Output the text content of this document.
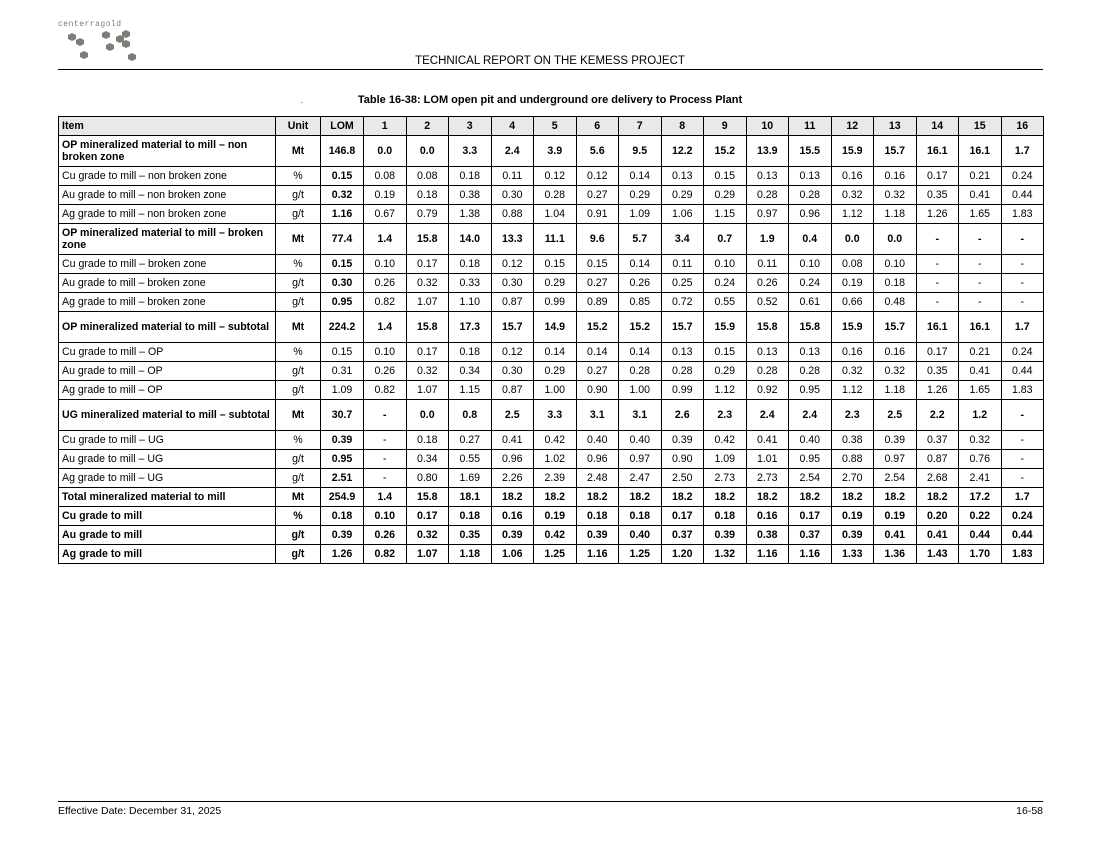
centerragold
TECHNICAL REPORT ON THE KEMESS PROJECT
·	Table 16-38: LOM open pit and underground ore delivery to Process Plant
Item	Unit	LOM	1	2	3	4	5	6	7	8	9	10	11	12	13	14	15	16
OP mineralized material to mill – non broken zone	Mt	146.8	0.0	0.0	3.3	2.4	3.9	5.6	9.5	12.2	15.2	13.9	15.5	15.9	15.7	16.1	16.1	1.7
Cu grade to mill – non broken zone	%	0.15	0.08	0.08	0.18	0.11	0.12	0.12	0.14	0.13	0.15	0.13	0.13	0.16	0.16	0.17	0.21	0.24
Au grade to mill – non broken zone	g/t	0.32	0.19	0.18	0.38	0.30	0.28	0.27	0.29	0.29	0.29	0.28	0.28	0.32	0.32	0.35	0.41	0.44
Ag grade to mill – non broken zone	g/t	1.16	0.67	0.79	1.38	0.88	1.04	0.91	1.09	1.06	1.15	0.97	0.96	1.12	1.18	1.26	1.65	1.83
OP mineralized material to mill – broken zone	Mt	77.4	1.4	15.8	14.0	13.3	11.1	9.6	5.7	3.4	0.7	1.9	0.4	0.0	0.0	-	-	-
Cu grade to mill – broken zone	%	0.15	0.10	0.17	0.18	0.12	0.15	0.15	0.14	0.11	0.10	0.11	0.10	0.08	0.10	-	-	-
Au grade to mill – broken zone	g/t	0.30	0.26	0.32	0.33	0.30	0.29	0.27	0.26	0.25	0.24	0.26	0.24	0.19	0.18	-	-	-
Ag grade to mill – broken zone	g/t	0.95	0.82	1.07	1.10	0.87	0.99	0.89	0.85	0.72	0.55	0.52	0.61	0.66	0.48	-	-	-
OP mineralized material to mill – subtotal	Mt	224.2	1.4	15.8	17.3	15.7	14.9	15.2	15.2	15.7	15.9	15.8	15.8	15.9	15.7	16.1	16.1	1.7
Cu grade to mill – OP	%	0.15	0.10	0.17	0.18	0.12	0.14	0.14	0.14	0.13	0.15	0.13	0.13	0.16	0.16	0.17	0.21	0.24
Au grade to mill – OP	g/t	0.31	0.26	0.32	0.34	0.30	0.29	0.27	0.28	0.28	0.29	0.28	0.28	0.32	0.32	0.35	0.41	0.44
Ag grade to mill – OP	g/t	1.09	0.82	1.07	1.15	0.87	1.00	0.90	1.00	0.99	1.12	0.92	0.95	1.12	1.18	1.26	1.65	1.83
UG mineralized material to mill – subtotal	Mt	30.7	-	0.0	0.8	2.5	3.3	3.1	3.1	2.6	2.3	2.4	2.4	2.3	2.5	2.2	1.2	-
Cu grade to mill – UG	%	0.39	-	0.18	0.27	0.41	0.42	0.40	0.40	0.39	0.42	0.41	0.40	0.38	0.39	0.37	0.32	-
Au grade to mill – UG	g/t	0.95	-	0.34	0.55	0.96	1.02	0.96	0.97	0.90	1.09	1.01	0.95	0.88	0.97	0.87	0.76	-
Ag grade to mill – UG	g/t	2.51	-	0.80	1.69	2.26	2.39	2.48	2.47	2.50	2.73	2.73	2.54	2.70	2.54	2.68	2.41	-
Total mineralized material to mill	Mt	254.9	1.4	15.8	18.1	18.2	18.2	18.2	18.2	18.2	18.2	18.2	18.2	18.2	18.2	18.2	17.2	1.7
Cu grade to mill	%	0.18	0.10	0.17	0.18	0.16	0.19	0.18	0.18	0.17	0.18	0.16	0.17	0.19	0.19	0.20	0.22	0.24
Au grade to mill	g/t	0.39	0.26	0.32	0.35	0.39	0.42	0.39	0.40	0.37	0.39	0.38	0.37	0.39	0.41	0.41	0.44	0.44
Ag grade to mill	g/t	1.26	0.82	1.07	1.18	1.06	1.25	1.16	1.25	1.20	1.32	1.16	1.16	1.33	1.36	1.43	1.70	1.83
Effective Date: December 31, 2025	16-58
